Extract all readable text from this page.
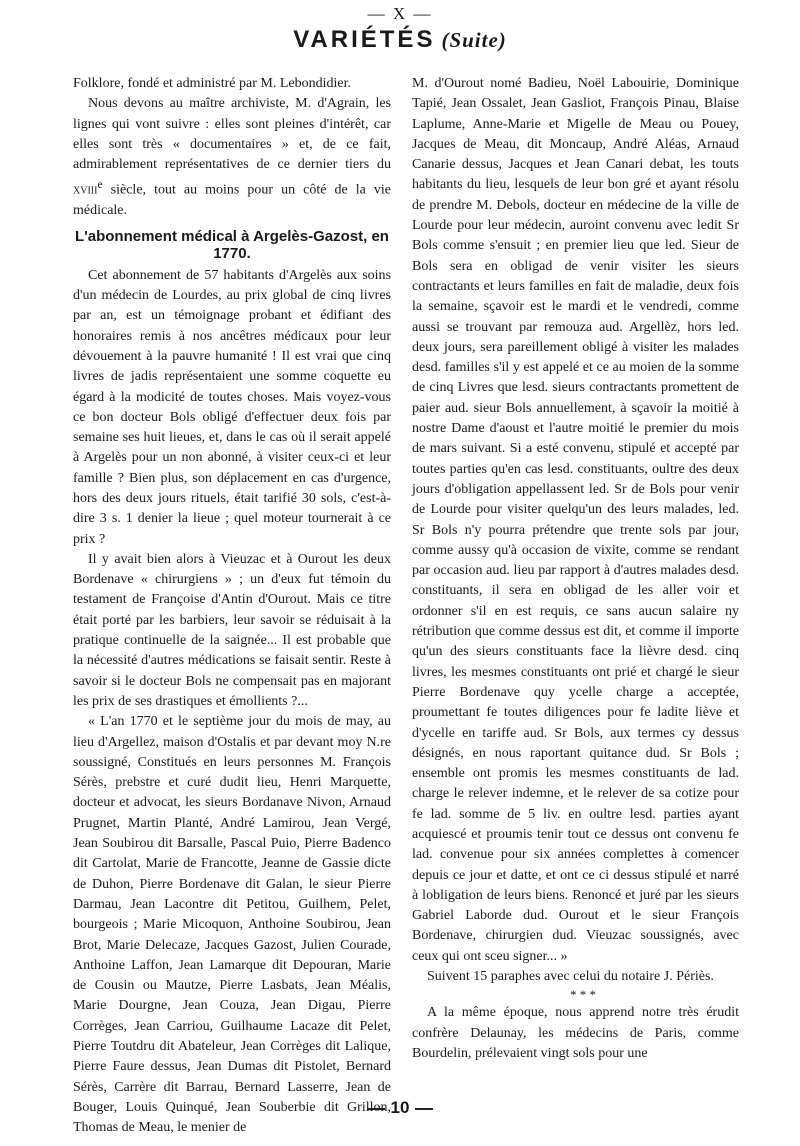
— X —
VARIÉTÉS (Suite)

Folklore, fondé et administré par M. Lebondidier.

Nous devons au maître archiviste, M. d'Agrain, les lignes qui vont suivre : elles sont pleines d'intérêt, car elles sont très « documentaires » et, de ce fait, admirablement représentatives de ce dernier tiers du xviii$^e$ siècle, tout au moins pour un côté de la vie médicale.

L'abonnement médical à Argelès-Gazost, en 1770.

Cet abonnement de 57 habitants d'Argelès aux soins d'un médecin de Lourdes, au prix global de cinq livres par an, est un témoignage probant et édifiant des honoraires remis à nos ancêtres médicaux pour leur dévouement à la pauvre humanité ! Il est vrai que cinq livres de jadis représentaient une somme coquette eu égard à la modicité de toutes choses. Mais voyez-vous ce bon docteur Bols obligé d'effectuer deux fois par semaine ses huit lieues, et, dans le cas où il serait appelé à Argelès pour un non abonné, à visiter ceux-ci et leur famille ? Bien plus, son déplacement en cas d'urgence, hors des deux jours rituels, était tarifié 30 sols, c'est-à-dire 3 s. 1 denier la lieue ; quel moteur tournerait à ce prix ?

Il y avait bien alors à Vieuzac et à Ourout les deux Bordenave « chirurgiens » ; un d'eux fut témoin du testament de Françoise d'Antin d'Ourout. Mais ce titre était porté par les barbiers, leur savoir se réduisait à la pratique continuelle de la saignée... Il est probable que la nécessité d'autres médications se faisait sentir. Reste à savoir si le docteur Bols ne compensait pas en majorant les prix de ses drastiques et émollients ?...

« L'an 1770 et le septième jour du mois de may, au lieu d'Argellez, maison d'Ostalis et par devant moy N.re soussigné, Constitués en leurs personnes M. François Sérès, prebstre et curé dudit lieu, Henri Marquette, docteur et advocat, les sieurs Bordanave Nivon, Arnaud Prugnet, Martin Planté, André Lamirou, Jean Vergé, Jean Soubirou dit Barsalle, Pascal Puio, Pierre Badenco dit Cartolat, Marie de Francotte, Jeanne de Gassie dicte de Duhon, Pierre Bordenave dit Galan, le sieur Pierre Darmau, Jean Lacontre dit Petitou, Guilhem, Pelet, bourgeois ; Marie Micoquon, Anthoine Soubirou, Jean Brot, Marie Delecaze, Jacques Gazost, Julien Courade, Anthoine Laffon, Jean Lamarque dit Depouran, Marie de Cousin ou Mautze, Pierre Lasbats, Jean Méalis, Marie Dourgne, Jean Couza, Jean Digau, Pierre Corrèges, Jean Carriou, Guilhaume Lacaze dit Pelet, Pierre Toutdru dit Abateleur, Jean Corrèges dit Lalique, Pierre Faure dessus, Jean Dumas dit Pistolet, Bernard Sérès, Carrère dit Barrau, Bernard Lasserre, Jean de Bouger, Louis Quinqué, Jean Souberbie dit Grillon, Thomas de Meau, le menier de

M. d'Ourout nomé Badieu, Noël Labouirie, Dominique Tapié, Jean Ossalet, Jean Gasliot, François Pinau, Blaise Laplume, Anne-Marie et Migelle de Meau ou Pouey, Jacques de Meau, dit Moncaup, André Aléas, Arnaud Canarie dessus, Jacques et Jean Canari debat, les touts habitants du lieu, lesquels de leur bon gré et ayant résolu de prendre M. Debols, docteur en médecine de la ville de Lourde pour leur médecin, auroint convenu avec ledit Sr Bols comme s'ensuit ; en premier lieu que led. Sieur de Bols sera en obligad de venir visiter les sieurs contractants et leurs familles en fait de maladie, deux fois la semaine, sçavoir est le mardi et le vendredi, comme aussi se trouvant par remouza aud. Argellèz, hors led. deux jours, sera pareillement obligé à visiter les malades desd. familles s'il y est appelé et ce au moien de la somme de cinq Livres que lesd. sieurs contractants promettent de paier aud. sieur Bols annuellement, à sçavoir la moitié à nostre Dame d'aoust et l'autre moitié le premier du mois de mars suivant. Si a esté convenu, stipulé et accepté par toutes parties qu'en cas lesd. constituants, oultre des deux jours d'obligation appellassent led. Sr de Bols pour venir de Lourde pour visiter quelqu'un des leurs malades, led. Sr Bols n'y pourra prétendre que trente sols par jour, comme aussy qu'à occasion de vixite, comme se rendant par occasion aud. lieu par rapport à d'autres malades desd. constituants, il sera en obligad de les aller voir et ordonner s'il en est requis, ce sans aucun salaire ny rétribution que comme dessus est dit, et comme il importe qu'un des sieurs constituants face la lièvre desd. cinq livres, les mesmes constituants ont prié et chargé le sieur Pierre Bordenave quy ycelle charge a acceptée, proumettant fe toutes diligences pour fe ladite liève et d'ycelle en tariffe aud. Sr Bols, aux termes cy dessus désignés, en nous raportant quitance dud. Sr Bols ; ensemble ont promis les mesmes constituants de lad. charge le relever indemne, et le relever de sa cotize pour fe lad. somme de 5 liv. en oultre lesd. parties ayant acquiescé et proumis tenir tout ce dessus ont convenu fe lad. convenue pour six années complettes à comencer depuis ce jour et datte, et ont ce ci dessus stipulé et narré à lobligation de leurs biens. Renoncé et juré par les sieurs Gabriel Laborde dud. Ourout et le sieur François Bordenave, chirurgien dud. Vieuzac soussignés, avec ceux qui ont sceu signer... »

Suivent 15 paraphes avec celui du notaire J. Périès.

* * *

A la même époque, nous apprend notre très érudit confrère Delaunay, les médecins de Paris, comme Bourdelin, prélevaient vingt sols pour une

10
